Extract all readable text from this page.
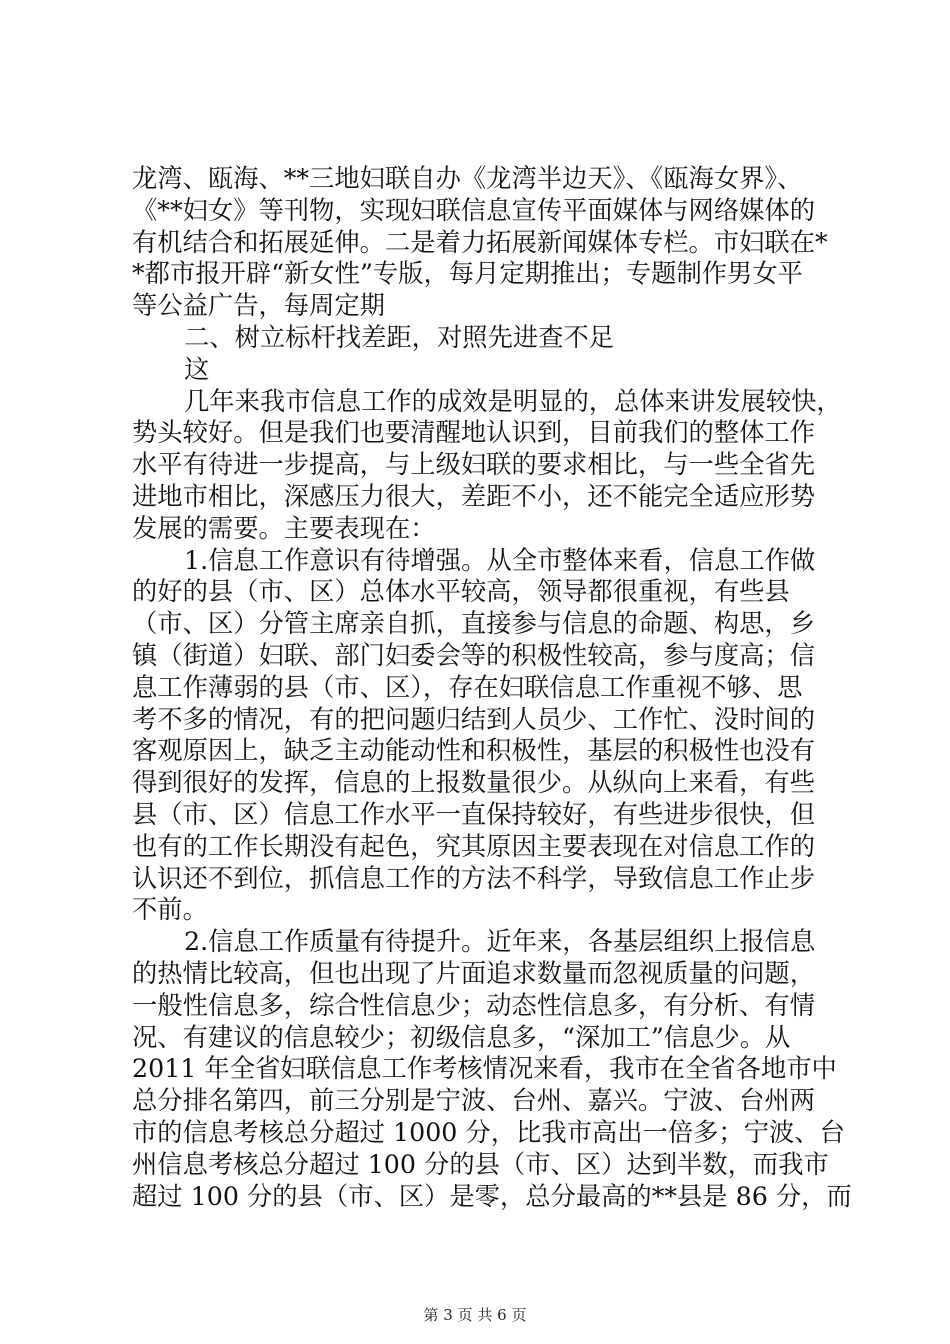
龙湾、瓯海、**三地妇联自办《龙湾半边天》、《瓯海女界》、
《**妇女》等刊物，实现妇联信息宣传平面媒体与网络媒体的
有机结合和拓展延伸。二是着力拓展新闻媒体专栏。市妇联在*
*都市报开辟“新女性”专版，每月定期推出；专题制作男女平
等公益广告，每周定期
二、树立标杆找差距，对照先进查不足
这
几年来我市信息工作的成效是明显的，总体来讲发展较快，
势头较好。但是我们也要清醒地认识到，目前我们的整体工作
水平有待进一步提高，与上级妇联的要求相比，与一些全省先
进地市相比，深感压力很大，差距不小，还不能完全适应形势
发展的需要。主要表现在：
1.信息工作意识有待增强。从全市整体来看，信息工作做
的好的县（市、区）总体水平较高，领导都很重视，有些县
（市、区）分管主席亲自抓，直接参与信息的命题、构思，乡
镇（街道）妇联、部门妇委会等的积极性较高，参与度高；信
息工作薄弱的县（市、区），存在妇联信息工作重视不够、思
考不多的情况，有的把问题归结到人员少、工作忙、没时间的
客观原因上，缺乏主动能动性和积极性，基层的积极性也没有
得到很好的发挥，信息的上报数量很少。从纵向上来看，有些
县（市、区）信息工作水平一直保持较好，有些进步很快，但
也有的工作长期没有起色，究其原因主要表现在对信息工作的
认识还不到位，抓信息工作的方法不科学，导致信息工作止步
不前。
2.信息工作质量有待提升。近年来，各基层组织上报信息
的热情比较高，但也出现了片面追求数量而忽视质量的问题，
一般性信息多，综合性信息少；动态性信息多，有分析、有情
况、有建议的信息较少；初级信息多，“深加工”信息少。从
2011 年全省妇联信息工作考核情况来看，我市在全省各地市中
总分排名第四，前三分别是宁波、台州、嘉兴。宁波、台州两
市的信息考核总分超过 1000 分，比我市高出一倍多；宁波、台
州信息考核总分超过 100 分的县（市、区）达到半数，而我市
超过 100 分的县（市、区）是零，总分最高的**县是 86 分，而
第 3 页 共 6 页
